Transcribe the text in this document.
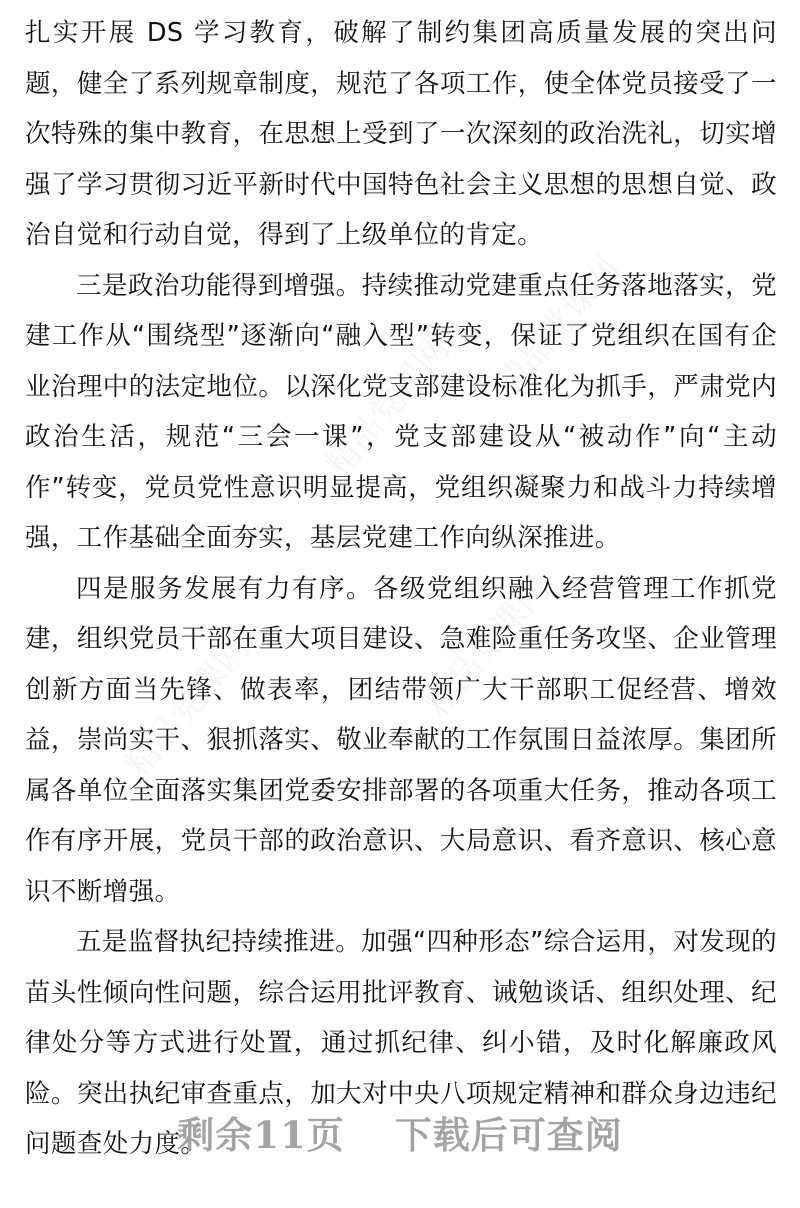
精品党课网
精品党课网
精品党课网	精品党课网

扎实开展 DS 学习教育，破解了制约集团高质量发展的突出问题，健全了系列规章制度，规范了各项工作，使全体党员接受了一次特殊的集中教育，在思想上受到了一次深刻的政治洗礼，切实增强了学习贯彻习近平新时代中国特色社会主义思想的思想自觉、政治自觉和行动自觉，得到了上级单位的肯定。

三是政治功能得到增强。持续推动党建重点任务落地落实，党建工作从“围绕型”逐渐向“融入型”转变，保证了党组织在国有企业治理中的法定地位。以深化党支部建设标准化为抓手，严肃党内政治生活，规范“三会一课”，党支部建设从“被动作”向“主动作”转变，党员党性意识明显提高，党组织凝聚力和战斗力持续增强，工作基础全面夯实，基层党建工作向纵深推进。

四是服务发展有力有序。各级党组织融入经营管理工作抓党建，组织党员干部在重大项目建设、急难险重任务攻坚、企业管理创新方面当先锋、做表率，团结带领广大干部职工促经营、增效益，崇尚实干、狠抓落实、敬业奉献的工作氛围日益浓厚。集团所属各单位全面落实集团党委安排部署的各项重大任务，推动各项工作有序开展，党员干部的政治意识、大局意识、看齐意识、核心意识不断增强。

五是监督执纪持续推进。加强“四种形态”综合运用，对发现的苗头性倾向性问题，综合运用批评教育、诫勉谈话、组织处理、纪律处分等方式进行处置，通过抓纪律、纠小错，及时化解廉政风险。突出执纪审查重点，加大对中央八项规定精神和群众身边违纪问题查处力度。

剩余11页 下载后可查阅
